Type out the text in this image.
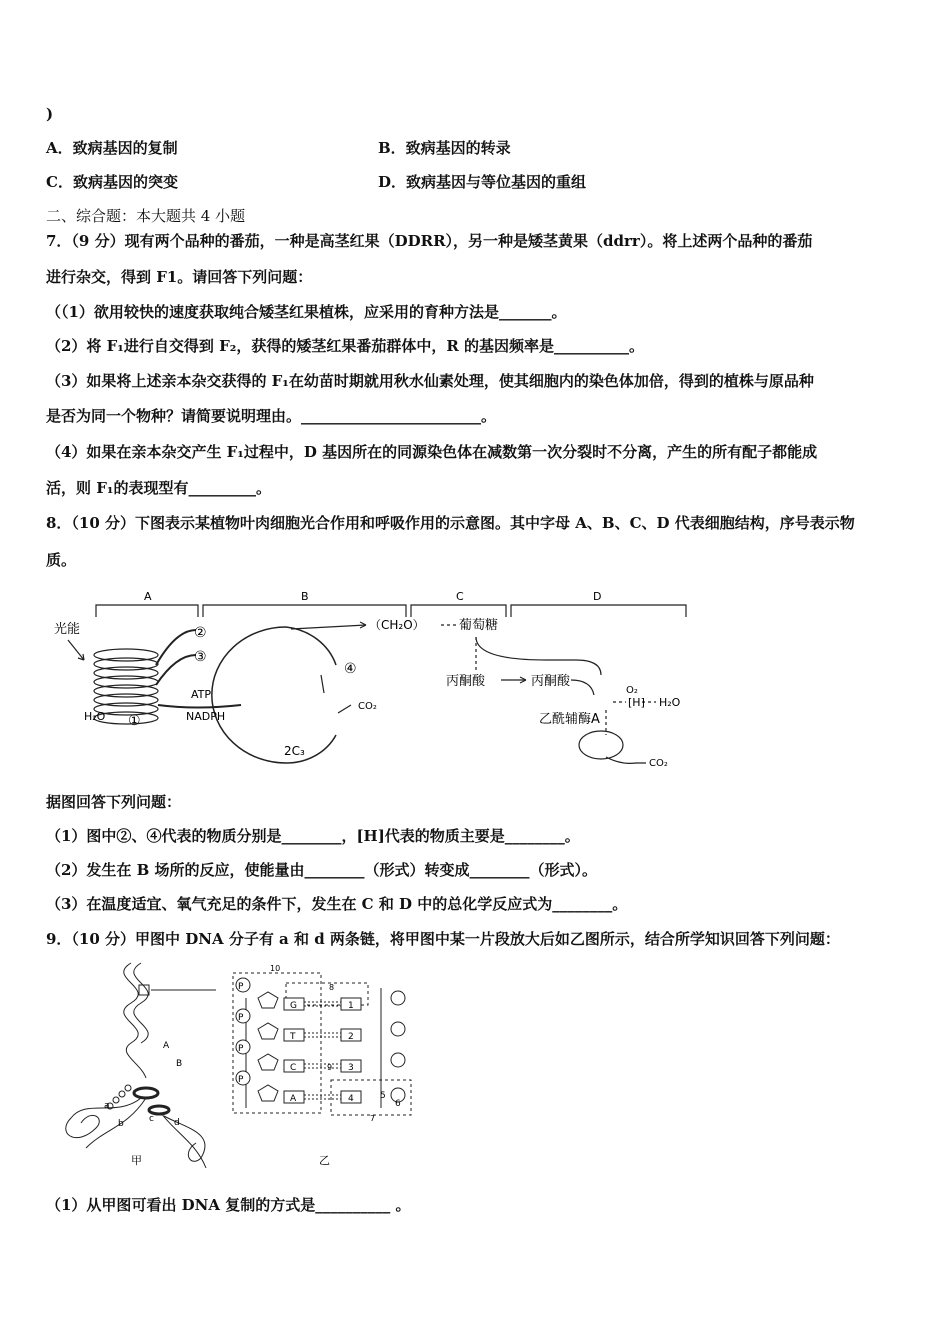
)
A．致病基因的复制	B．致病基因的转录
C．致病基因的突变	D．致病基因与等位基因的重组
二、综合题：本大题共 4 小题
7．（9 分）现有两个品种的番茄，一种是高茎红果（DDRR），另一种是矮茎黄果（ddrr）。将上述两个品种的番茄
进行杂交，得到 F1。请回答下列问题：
（（1）欲用较快的速度获取纯合矮茎红果植株，应采用的育种方法是_______。
（2）将 F₁进行自交得到 F₂，获得的矮茎红果番茄群体中，R 的基因频率是__________。
（3）如果将上述亲本杂交获得的 F₁在幼苗时期就用秋水仙素处理，使其细胞内的染色体加倍，得到的植株与原品种
是否为同一个物种？请简要说明理由。________________________。
（4）如果在亲本杂交产生 F₁过程中，D 基因所在的同源染色体在减数第一次分裂时不分离，产生的所有配子都能成
活，则 F₁的表现型有_________。
8．（10 分）下图表示某植物叶肉细胞光合作用和呼吸作用的示意图。其中字母 A、B、C、D 代表细胞结构，序号表示物
质。
A	B	C	D
光能
H₂O ①
②
③
④
ATP
NADPH
（CH₂O）	葡萄糖
CO₂
2C₃
丙酮酸	丙酮酸
[H]
O₂
H₂O
乙酰辅酶A
CO₂
据图回答下列问题：
（1）图中②、④代表的物质分别是________，[H]代表的物质主要是________。
（2）发生在 B 场所的反应，使能量由________（形式）转变成________（形式）。
（3）在温度适宜、氧气充足的条件下，发生在 C 和 D 中的总化学反应式为________。
9．（10 分）甲图中 DNA 分子有 a 和 d 两条链，将甲图中某一片段放大后如乙图所示，结合所学知识回答下列问题：
P
P
P
P
G
T
C
A
1
2
3
4	5
6
7
8
9
10
A
B
a
b	c d
甲	乙
（1）从甲图可看出 DNA 复制的方式是__________ 。
